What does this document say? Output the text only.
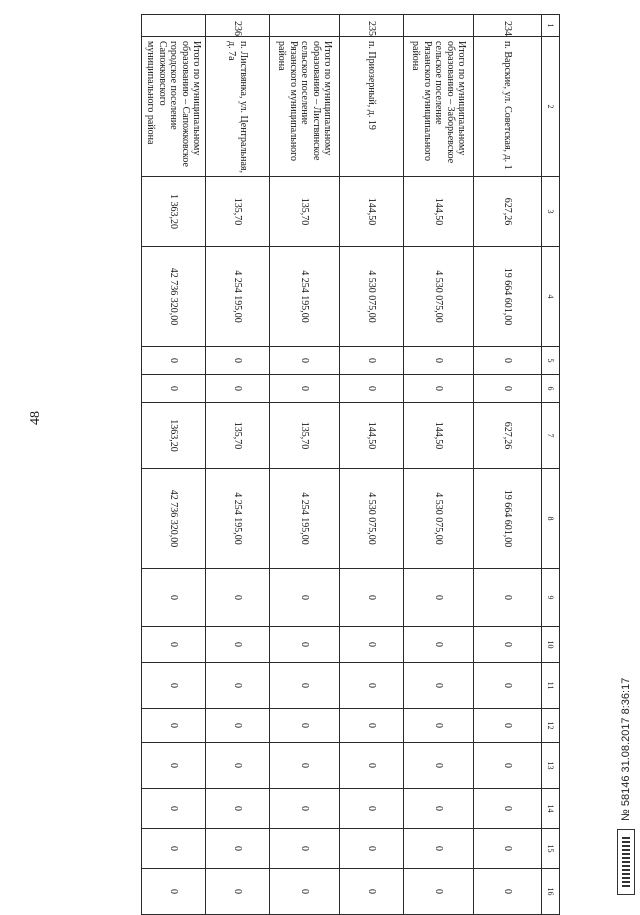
48
1	2	3	4	5	6	7	8	9	10	11	12	13	14	15	16
234	п. Варские, ул. Советская, д. 1	627,26	19 664 601,00	0	0	627,26	19 664 601,00	0	0	0	0	0	0	0	0

	Итого по муниципальному образованию – Заборьевское сельское поселение Рязанского муниципального района	144,50	4 530 075,00	0	0	144,50	4 530 075,00	0	0	0	0	0	0	0	0
235	п. Приозерный, д. 19	144,50	4 530 075,00	0	0	144,50	4 530 075,00	0	0	0	0	0	0	0	0

	Итого по муниципальному образованию – Листвянское сельское поселение Рязанского муниципального района	135,70	4 254 195,00	0	0	135,70	4 254 195,00	0	0	0	0	0	0	0	0
236	п. Листвянка, ул. Центральная, д. 7а	135,70	4 254 195,00	0	0	135,70	4 254 195,00	0	0	0	0	0	0	0	0

	Итого по муниципальному образованию – Сапожковское городское поселение Сапожковского муниципального района	1 363,20	42 736 320,00	0	0	1363,20	42 736 320,00	0	0	0	0	0	0	0	0
№ 58146 31.08.2017 8:36:17
